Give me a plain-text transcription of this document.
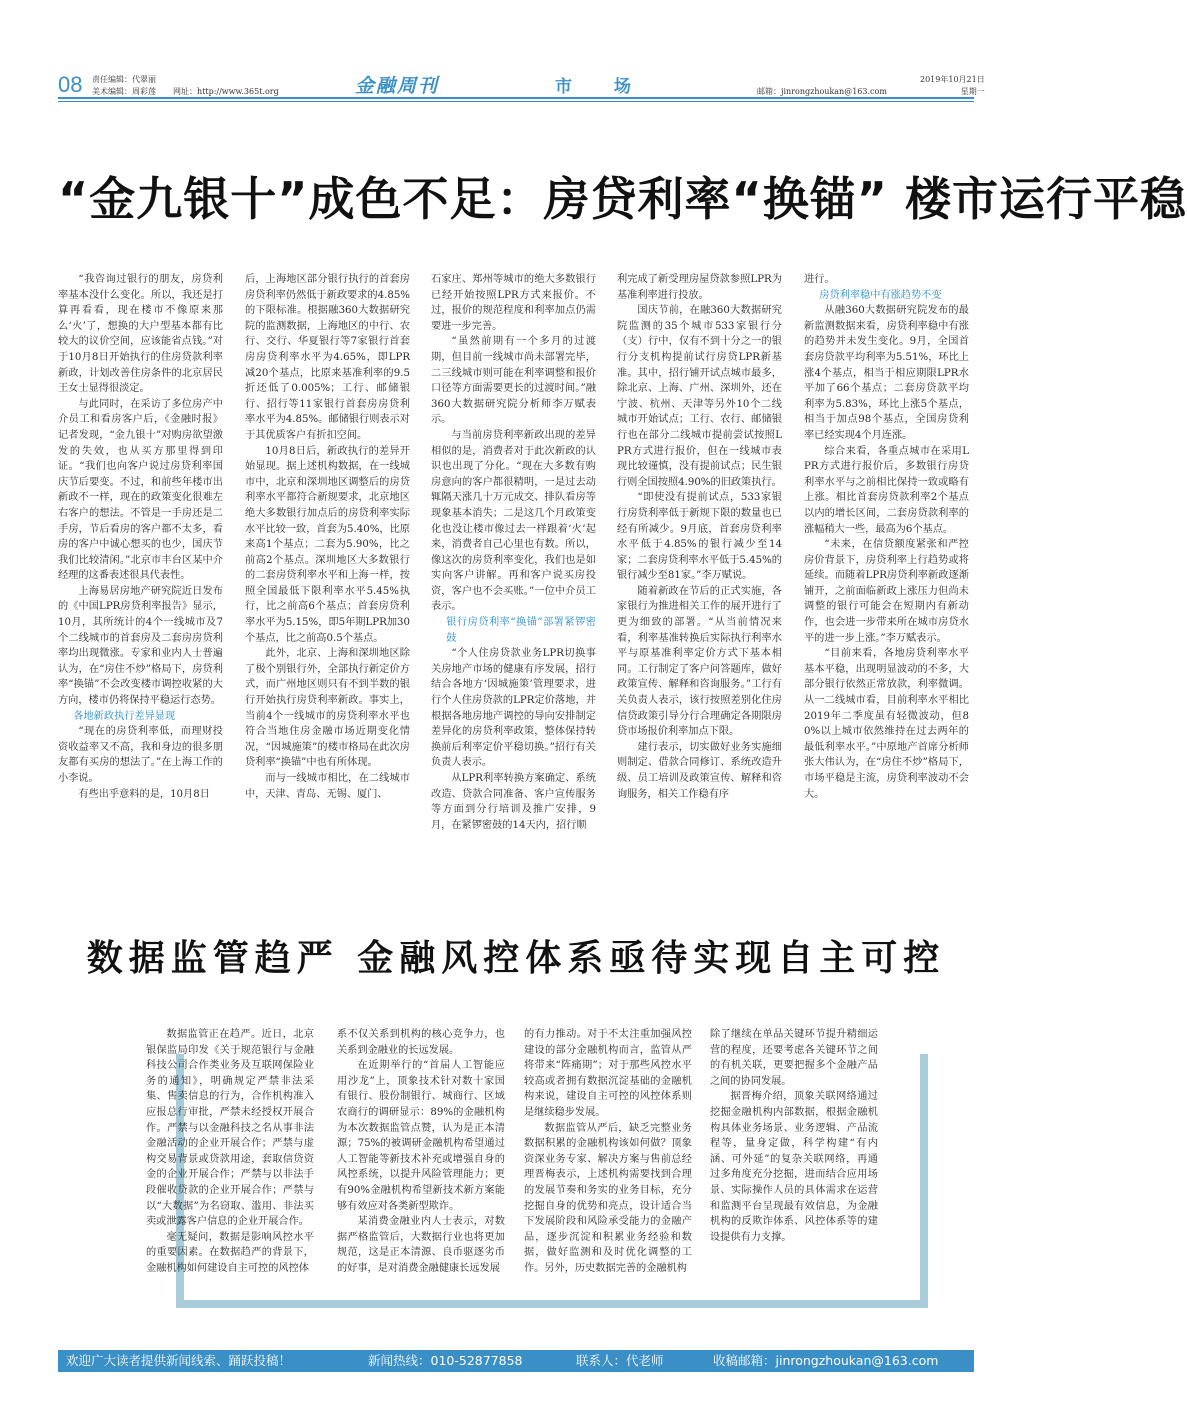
08 责任编辑：代翠丽
美术编辑：周彩莲 网址：http://www.365t.org	金融周刊	市 场	邮箱：jinrongzhoukan@163.com
2019年10月21日
星期一
“金九银十”成色不足：房贷利率“换锚” 楼市运行平稳

“我咨询过银行的朋友，房贷利率基本没什么变化。所以，我还是打算再看看，现在楼市不像原来那么‘火’了，想换的大户型基本都有比较大的议价空间，应该能省点钱。”对于10月8日开始执行的住房贷款利率新政，计划改善住房条件的北京居民王女士显得很淡定。

与此同时，在采访了多位房产中介员工和看房客户后，《金融时报》记者发现，“金九银十”对购房欲望激发的失效，也从买方那里得到印证。“我们也向客户说过房贷利率国庆节后要变。不过，和前些年楼市出新政不一样，现在的政策变化很难左右客户的想法。不管是一手房还是二手房，节后看房的客户都不太多，看房的客户中诚心想买的也少，国庆节我们比较清闲。”北京市丰台区某中介经理的这番表述很具代表性。

上海易居房地产研究院近日发布的《中国LPR房贷利率报告》显示，10月，其所统计的4个一线城市及7个二线城市的首套房及二套房房贷利率均出现微涨。专家和业内人士普遍认为，在“房住不炒”格局下，房贷利率“换锚”不会改变楼市调控收紧的大方向，楼市仍将保持平稳运行态势。

各地新政执行差异显现

“现在的房贷利率低，而理财投资收益率又不高，我和身边的很多朋友都有买房的想法了。”在上海工作的小李说。

有些出乎意料的是，10月8日

后，上海地区部分银行执行的首套房房贷利率仍然低于新政要求的4.85%的下限标准。根据融360大数据研究院的监测数据，上海地区的中行、农行、交行、华夏银行等7家银行首套房房贷利率水平为4.65%，即LPR减20个基点，比原来基准利率的9.5折还低了0.005%；工行、邮储银行、招行等11家银行首套房房贷利率水平为4.85%。邮储银行则表示对于其优质客户有折扣空间。

10月8日后，新政执行的差异开始显现。据上述机构数据，在一线城市中，北京和深圳地区调整后的房贷利率水平都符合新规要求，北京地区绝大多数银行加点后的房贷利率实际水平比较一致，首套为5.40%，比原来高1个基点；二套为5.90%，比之前高2个基点。深圳地区大多数银行的二套房贷利率水平和上海一样，按照全国最低下限利率水平5.45%执行，比之前高6个基点；首套房贷利率水平为5.15%，即5年期LPR加30个基点，比之前高0.5个基点。

此外，北京、上海和深圳地区除了极个别银行外，全部执行新定价方式，而广州地区则只有不到半数的银行开始执行房贷利率新政。事实上，当前4个一线城市的房贷利率水平也符合当地住房金融市场近期变化情况，“因城施策”的楼市格局在此次房贷利率“换锚”中也有所体现。

而与一线城市相比，在二线城市中，天津、青岛、无锡、厦门、

石家庄、郑州等城市的绝大多数银行已经开始按照LPR方式来报价。不过，报价的规范程度和利率加点仍需要进一步完善。

“虽然前期有一个多月的过渡期，但目前一线城市尚未部署完毕，二三线城市则可能在利率调整和报价口径等方面需要更长的过渡时间。”融360大数据研究院分析师李万赋表示。

与当前房贷利率新政出现的差异相似的是，消费者对于此次新政的认识也出现了分化。“现在大多数有购房意向的客户都很精明，一是过去动辄隔天涨几十万元成交、排队看房等现象基本消失；二是这几个月政策变化也没让楼市像过去一样跟着‘火’起来，消费者自己心里也有数。所以，像这次的房贷利率变化，我们也是如实向客户讲解。再和客户说买房投资，客户也不会买账。”一位中介员工表示。

银行房贷利率“换锚”部署紧锣密鼓

“个人住房贷款业务LPR切换事关房地产市场的健康有序发展，招行结合各地方‘因城施策’管理要求，进行个人住房贷款的LPR定价落地，并根据各地房地产调控的导向安排制定差异化的房贷利率政策，整体保持转换前后利率定价平稳切换。”招行有关负责人表示。

从LPR利率转换方案确定、系统改造、贷款合同准备、客户宣传服务等方面到分行培训及推广安排，9月，在紧锣密鼓的14天内，招行顺

利完成了新受理房屋贷款参照LPR为基准利率进行投放。

国庆节前，在融360大数据研究院监测的35个城市533家银行分（支）行中，仅有不到十分之一的银行分支机构提前试行房贷LPR新基准。其中，招行铺开试点城市最多，除北京、上海、广州、深圳外，还在宁波、杭州、天津等另外10个二线城市开始试点；工行、农行、邮储银行也在部分二线城市提前尝试按照LPR方式进行报价，但在一线城市表现比较谨慎，没有提前试点；民生银行则全国按照4.90%的旧政策执行。

“即使没有提前试点，533家银行房贷利率低于新规下限的数量也已经有所减少。9月底，首套房贷利率水平低于4.85%的银行减少至14家；二套房贷利率水平低于5.45%的银行减少至81家。”李万赋说。

随着新政在节后的正式实施，各家银行为推进相关工作的展开进行了更为细致的部署。“从当前情况来看，利率基准转换后实际执行利率水平与原基准利率定价方式下基本相同。工行制定了客户问答题库，做好政策宣传、解释和咨询服务。”工行有关负责人表示，该行按照差别化住房信贷政策引导分行合理确定各期限房贷市场报价利率加点下限。

建行表示，切实做好业务实施细则制定、借款合同修订、系统改造升级、员工培训及政策宣传、解释和咨询服务，相关工作稳有序

进行。

房贷利率稳中有涨趋势不变

从融360大数据研究院发布的最新监测数据来看，房贷利率稳中有涨的趋势并未发生变化。9月，全国首套房贷款平均利率为5.51%，环比上涨4个基点，相当于相应期限LPR水平加了66个基点；二套房贷款平均利率为5.83%，环比上涨5个基点，相当于加点98个基点，全国房贷利率已经实现4个月连涨。

综合来看，各重点城市在采用LPR方式进行报价后，多数银行房贷利率水平与之前相比保持一致或略有上涨。相比首套房贷款利率2个基点以内的增长区间，二套房贷款利率的涨幅稍大一些，最高为6个基点。

“未来，在信贷额度紧张和严控房价背景下，房贷利率上行趋势或将延续。而随着LPR房贷利率新政逐渐铺开，之前面临新政上涨压力但尚未调整的银行可能会在短期内有新动作，也会进一步带来所在城市房贷水平的进一步上涨。”李万赋表示。

“目前来看，各地房贷利率水平基本平稳，出现明显波动的不多，大部分银行依然正常放款，利率微调。从一二线城市看，目前利率水平相比2019年二季度虽有轻微波动，但80%以上城市依然维持在过去两年的最低利率水平。”中原地产首席分析师张大伟认为，在“房住不炒”格局下，市场平稳是主流，房贷利率波动不会大。

数据监管趋严 金融风控体系亟待实现自主可控

数据监管正在趋严。近日，北京银保监局印发《关于规范银行与金融科技公司合作类业务及互联网保险业务的通知》，明确规定严禁非法采集、售卖信息的行为，合作机构准入应报总行审批，严禁未经授权开展合作。严禁与以金融科技之名从事非法金融活动的企业开展合作；严禁与虚构交易背景或贷款用途，套取信贷资金的企业开展合作；严禁与以非法手段催收贷款的企业开展合作；严禁与以“大数据”为名窃取、滥用、非法买卖或泄露客户信息的企业开展合作。

毫无疑问，数据是影响风控水平的重要因素。在数据趋严的背景下，金融机构如何建设自主可控的风控体

系不仅关系到机构的核心竞争力，也关系到金融业的长远发展。

在近期举行的“首届人工智能应用沙龙”上，顶象技术针对数十家国有银行、股份制银行、城商行、区域农商行的调研显示：89%的金融机构为本次数据监管点赞，认为是正本清源；75%的被调研金融机构希望通过人工智能等新技术补充或增强自身的风控系统，以提升风险管理能力；更有90%金融机构希望新技术新方案能够有效应对各类新型欺诈。

某消费金融业内人士表示，对数据严格监管后，大数据行业也将更加规范，这是正本清源、良币驱逐劣币的好事，是对消费金融健康长远发展

的有力推动。对于不太注重加强风控建设的部分金融机构而言，监管从严将带来“阵痛期”；对于那些风控水平较高或者拥有数据沉淀基础的金融机构来说，建设自主可控的风控体系则是继续稳步发展。

数据监管从严后，缺乏完整业务数据积累的金融机构该如何做？顶象资深业务专家、解决方案与售前总经理晋梅表示，上述机构需要找到合理的发展节奏和务实的业务目标，充分挖掘自身的优势和亮点，设计适合当下发展阶段和风险承受能力的金融产品，逐步沉淀和积累业务经验和数据，做好监测和及时优化调整的工作。另外，历史数据完善的金融机构

除了继续在单品关键环节提升精细运营的程度，还要考虑各关键环节之间的有机关联，更要把握多个金融产品之间的协同发展。

据晋梅介绍，顶象关联网络通过挖掘金融机构内部数据，根据金融机构具体业务场景、业务逻辑、产品流程等，量身定做，科学构建“有内涵、可外延”的复杂关联网络，再通过多角度充分挖掘，进而结合应用场景、实际操作人员的具体需求在运营和监测平台呈现最有效信息，为金融机构的反欺诈体系、风控体系等的建设提供有力支撑。

欢迎广大读者提供新闻线索、踊跃投稿！	新闻热线：010-52877858	联系人：代老师	收稿邮箱：jinrongzhoukan@163.com
